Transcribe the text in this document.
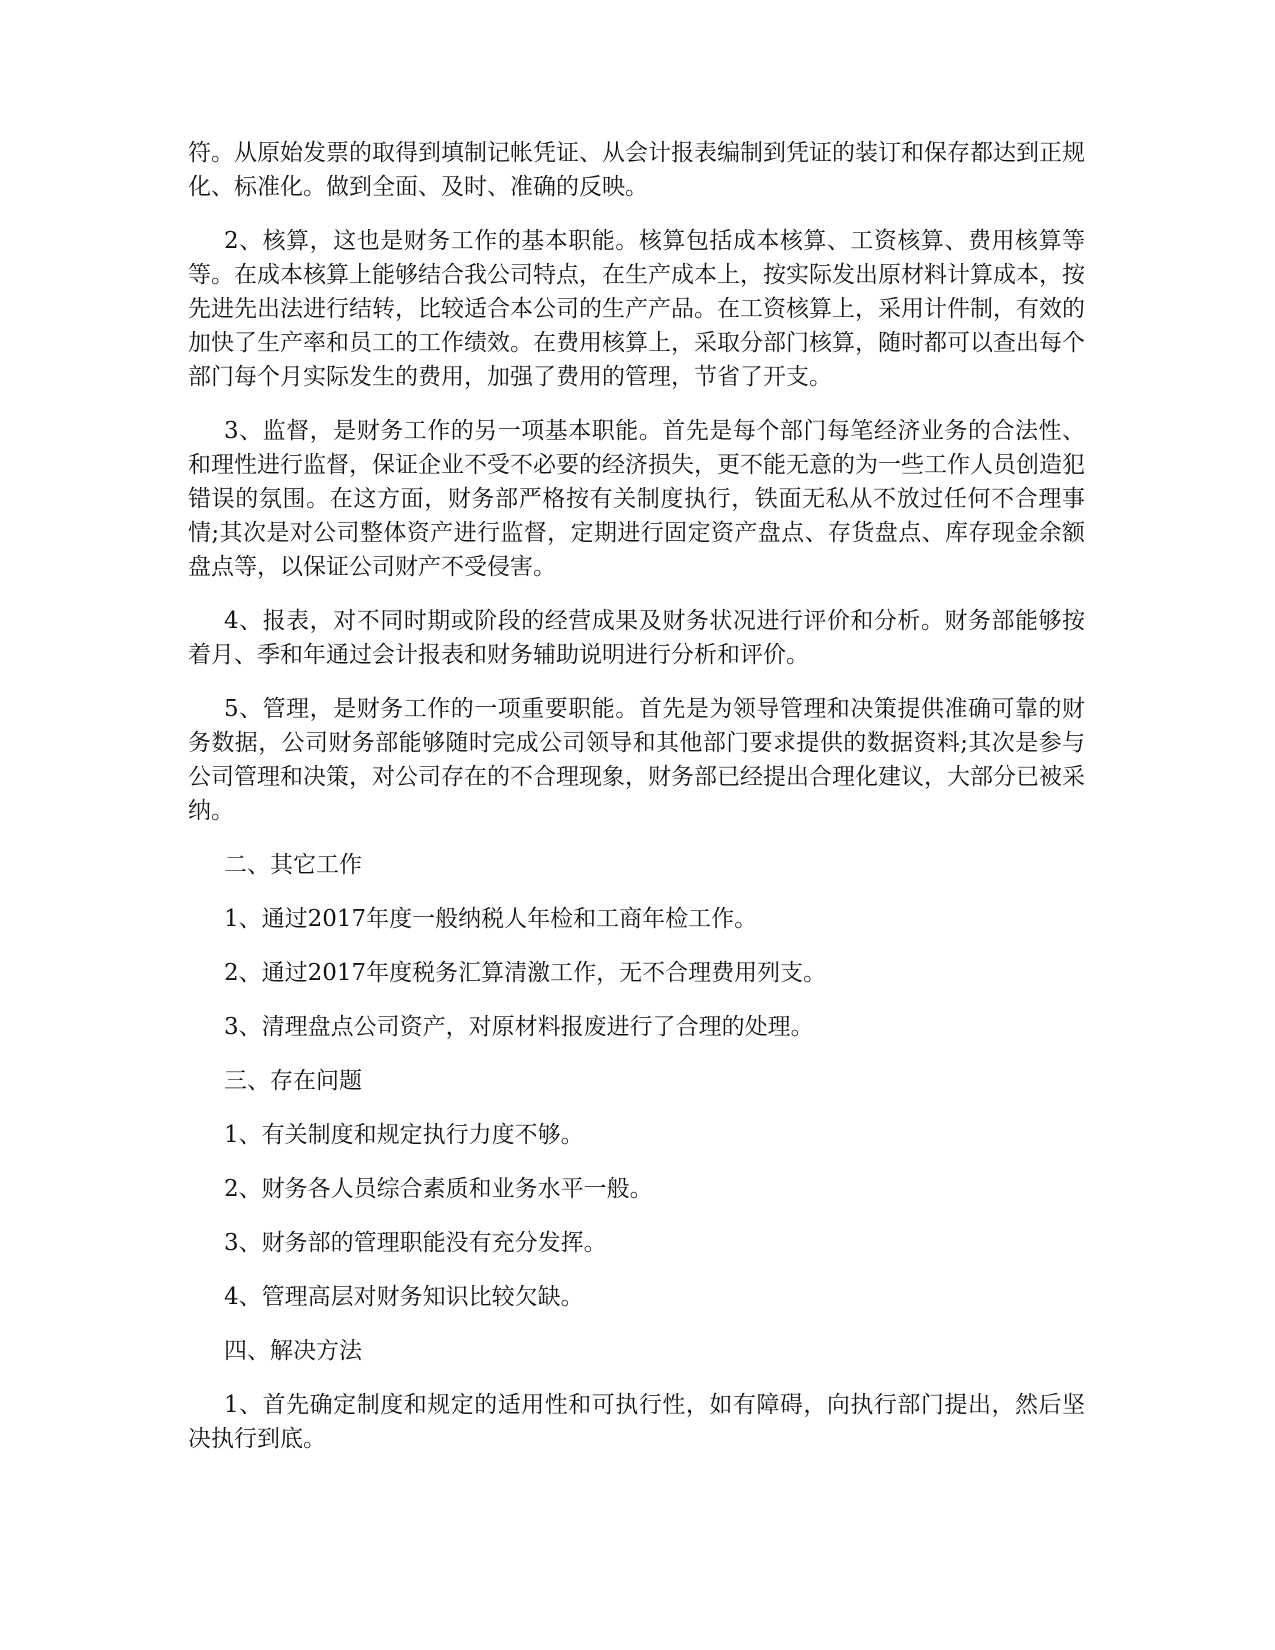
符。从原始发票的取得到填制记帐凭证、从会计报表编制到凭证的装订和保存都达到正规化、标准化。做到全面、及时、准确的反映。

2、核算，这也是财务工作的基本职能。核算包括成本核算、工资核算、费用核算等等。在成本核算上能够结合我公司特点，在生产成本上，按实际发出原材料计算成本，按先进先出法进行结转，比较适合本公司的生产产品。在工资核算上，采用计件制，有效的加快了生产率和员工的工作绩效。在费用核算上，采取分部门核算，随时都可以查出每个部门每个月实际发生的费用，加强了费用的管理，节省了开支。

3、监督，是财务工作的另一项基本职能。首先是每个部门每笔经济业务的合法性、和理性进行监督，保证企业不受不必要的经济损失，更不能无意的为一些工作人员创造犯错误的氛围。在这方面，财务部严格按有关制度执行，铁面无私从不放过任何不合理事情;其次是对公司整体资产进行监督，定期进行固定资产盘点、存货盘点、库存现金余额盘点等，以保证公司财产不受侵害。

4、报表，对不同时期或阶段的经营成果及财务状况进行评价和分析。财务部能够按着月、季和年通过会计报表和财务辅助说明进行分析和评价。

5、管理，是财务工作的一项重要职能。首先是为领导管理和决策提供准确可靠的财务数据，公司财务部能够随时完成公司领导和其他部门要求提供的数据资料;其次是参与公司管理和决策，对公司存在的不合理现象，财务部已经提出合理化建议，大部分已被采纳。

二、其它工作

1、通过2017年度一般纳税人年检和工商年检工作。

2、通过2017年度税务汇算清激工作，无不合理费用列支。

3、清理盘点公司资产，对原材料报废进行了合理的处理。

三、存在问题

1、有关制度和规定执行力度不够。

2、财务各人员综合素质和业务水平一般。

3、财务部的管理职能没有充分发挥。

4、管理高层对财务知识比较欠缺。

四、解决方法

1、首先确定制度和规定的适用性和可执行性，如有障碍，向执行部门提出，然后坚决执行到底。
